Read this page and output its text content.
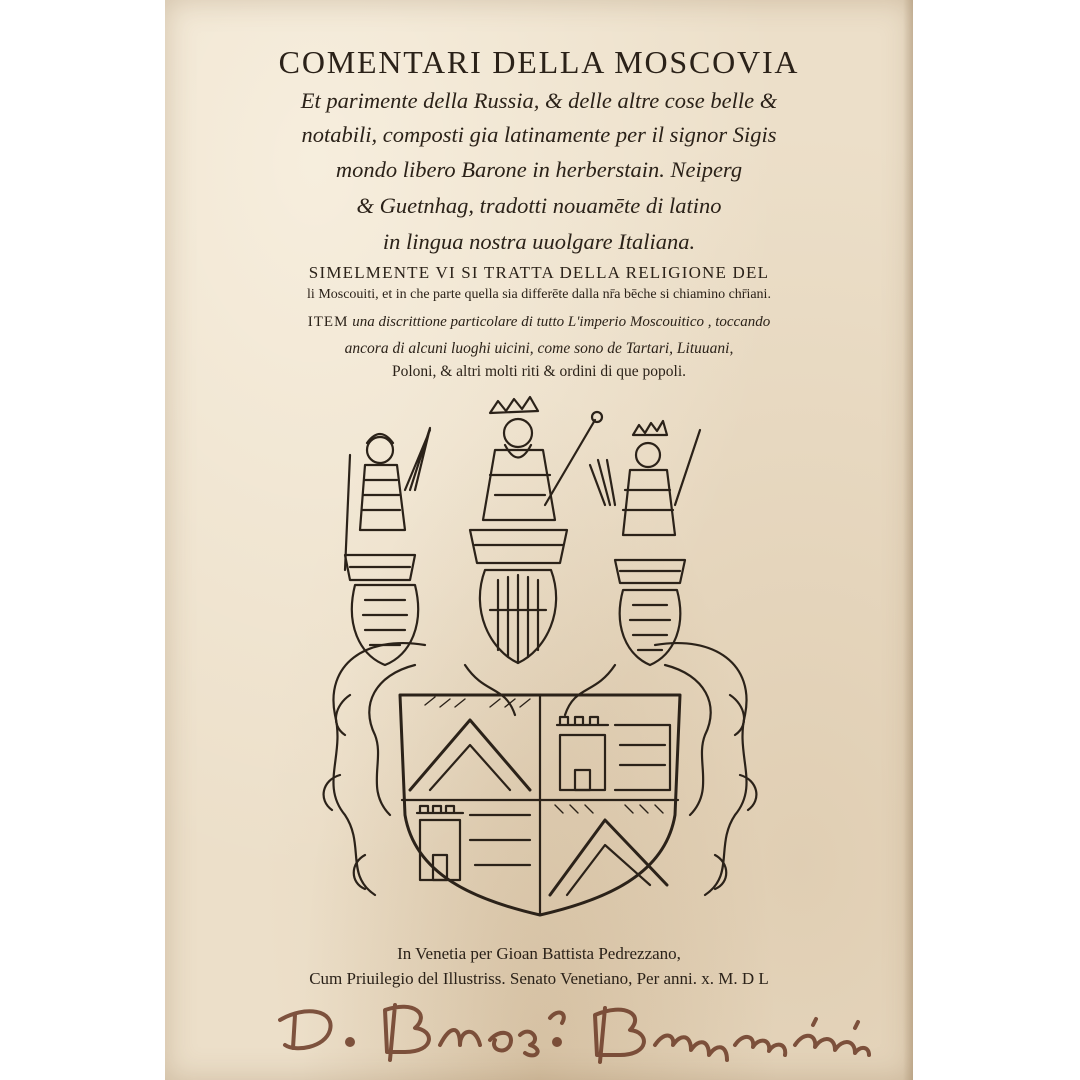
COMENTARI DELLA MOSCOVIA
Et parimente della Russia, & delle altre cose belle &
notabili, composti gia latinamente per il signor Sigis
mondo libero Barone in herberstain. Neiperg
& Guetnhag, tradotti nouamēte di latino
in lingua nostra uuolgare Italiana.
SIMELMENTE VI SI TRATTA DELLA RELIGIONE DEL
li Moscouiti, et in che parte quella sia differēte dalla nr̄a bēche si chiamino chr̄iani.
ITEM una discrittione particolare di tutto L'imperio Moscouitico , toccando
ancora di alcuni luoghi uicini, come sono de Tartari, Lituuani,
Poloni, & altri molti riti & ordini di que popoli.
In Venetia per Gioan Battista Pedrezzano,
Cum Priuilegio del Illustriss. Senato Venetiano, Per anni. x. M. D L
